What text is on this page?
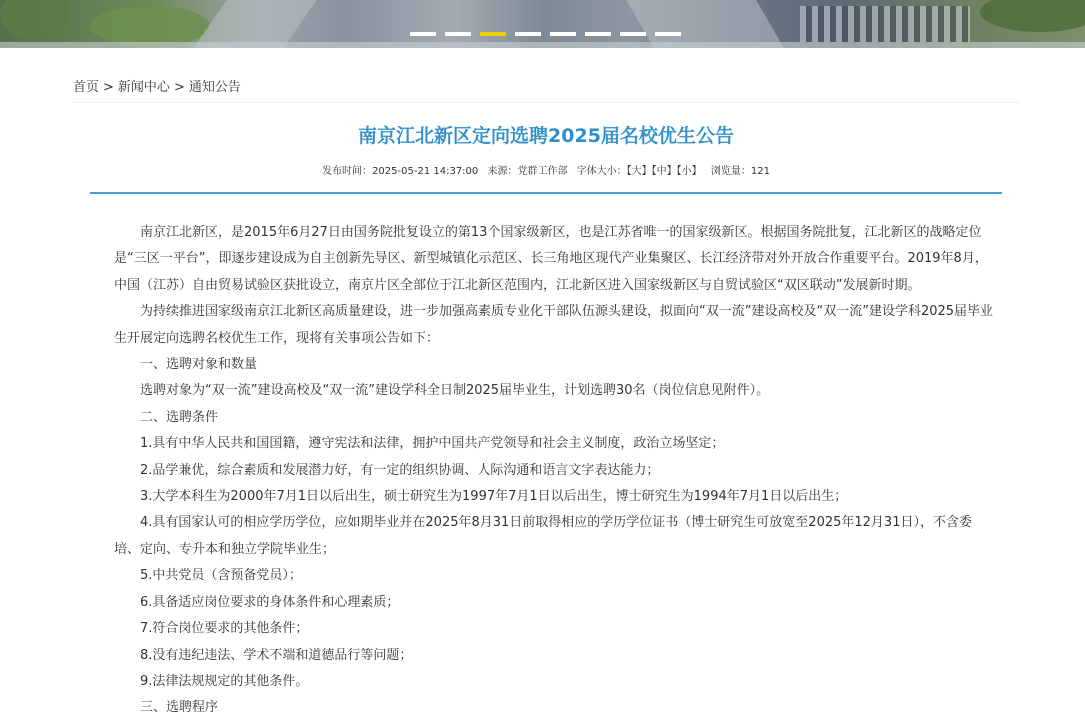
首页 > 新闻中心 > 通知公告
南京江北新区定向选聘2025届名校优生公告
发布时间：2025-05-21 14:37:00 来源：党群工作部 字体大小：【大】【中】【小】 浏览量：121

南京江北新区，是2015年6月27日由国务院批复设立的第13个国家级新区，也是江苏省唯一的国家级新区。根据国务院批复，江北新区的战略定位是“三区一平台”，即逐步建设成为自主创新先导区、新型城镇化示范区、长三角地区现代产业集聚区、长江经济带对外开放合作重要平台。2019年8月，中国（江苏）自由贸易试验区获批设立，南京片区全部位于江北新区范围内，江北新区进入国家级新区与自贸试验区“双区联动”发展新时期。

为持续推进国家级南京江北新区高质量建设，进一步加强高素质专业化干部队伍源头建设，拟面向“双一流”建设高校及“双一流”建设学科2025届毕业生开展定向选聘名校优生工作，现将有关事项公告如下：

一、选聘对象和数量

选聘对象为“双一流”建设高校及“双一流”建设学科全日制2025届毕业生，计划选聘30名（岗位信息见附件）。

二、选聘条件

1.具有中华人民共和国国籍，遵守宪法和法律，拥护中国共产党领导和社会主义制度，政治立场坚定；

2.品学兼优，综合素质和发展潜力好，有一定的组织协调、人际沟通和语言文字表达能力；

3.大学本科生为2000年7月1日以后出生，硕士研究生为1997年7月1日以后出生，博士研究生为1994年7月1日以后出生；

4.具有国家认可的相应学历学位，应如期毕业并在2025年8月31日前取得相应的学历学位证书（博士研究生可放宽至2025年12月31日），不含委培、定向、专升本和独立学院毕业生；

5.中共党员（含预备党员）；

6.具备适应岗位要求的身体条件和心理素质；

7.符合岗位要求的其他条件；

8.没有违纪违法、学术不端和道德品行等问题；

9.法律法规规定的其他条件。

三、选聘程序
